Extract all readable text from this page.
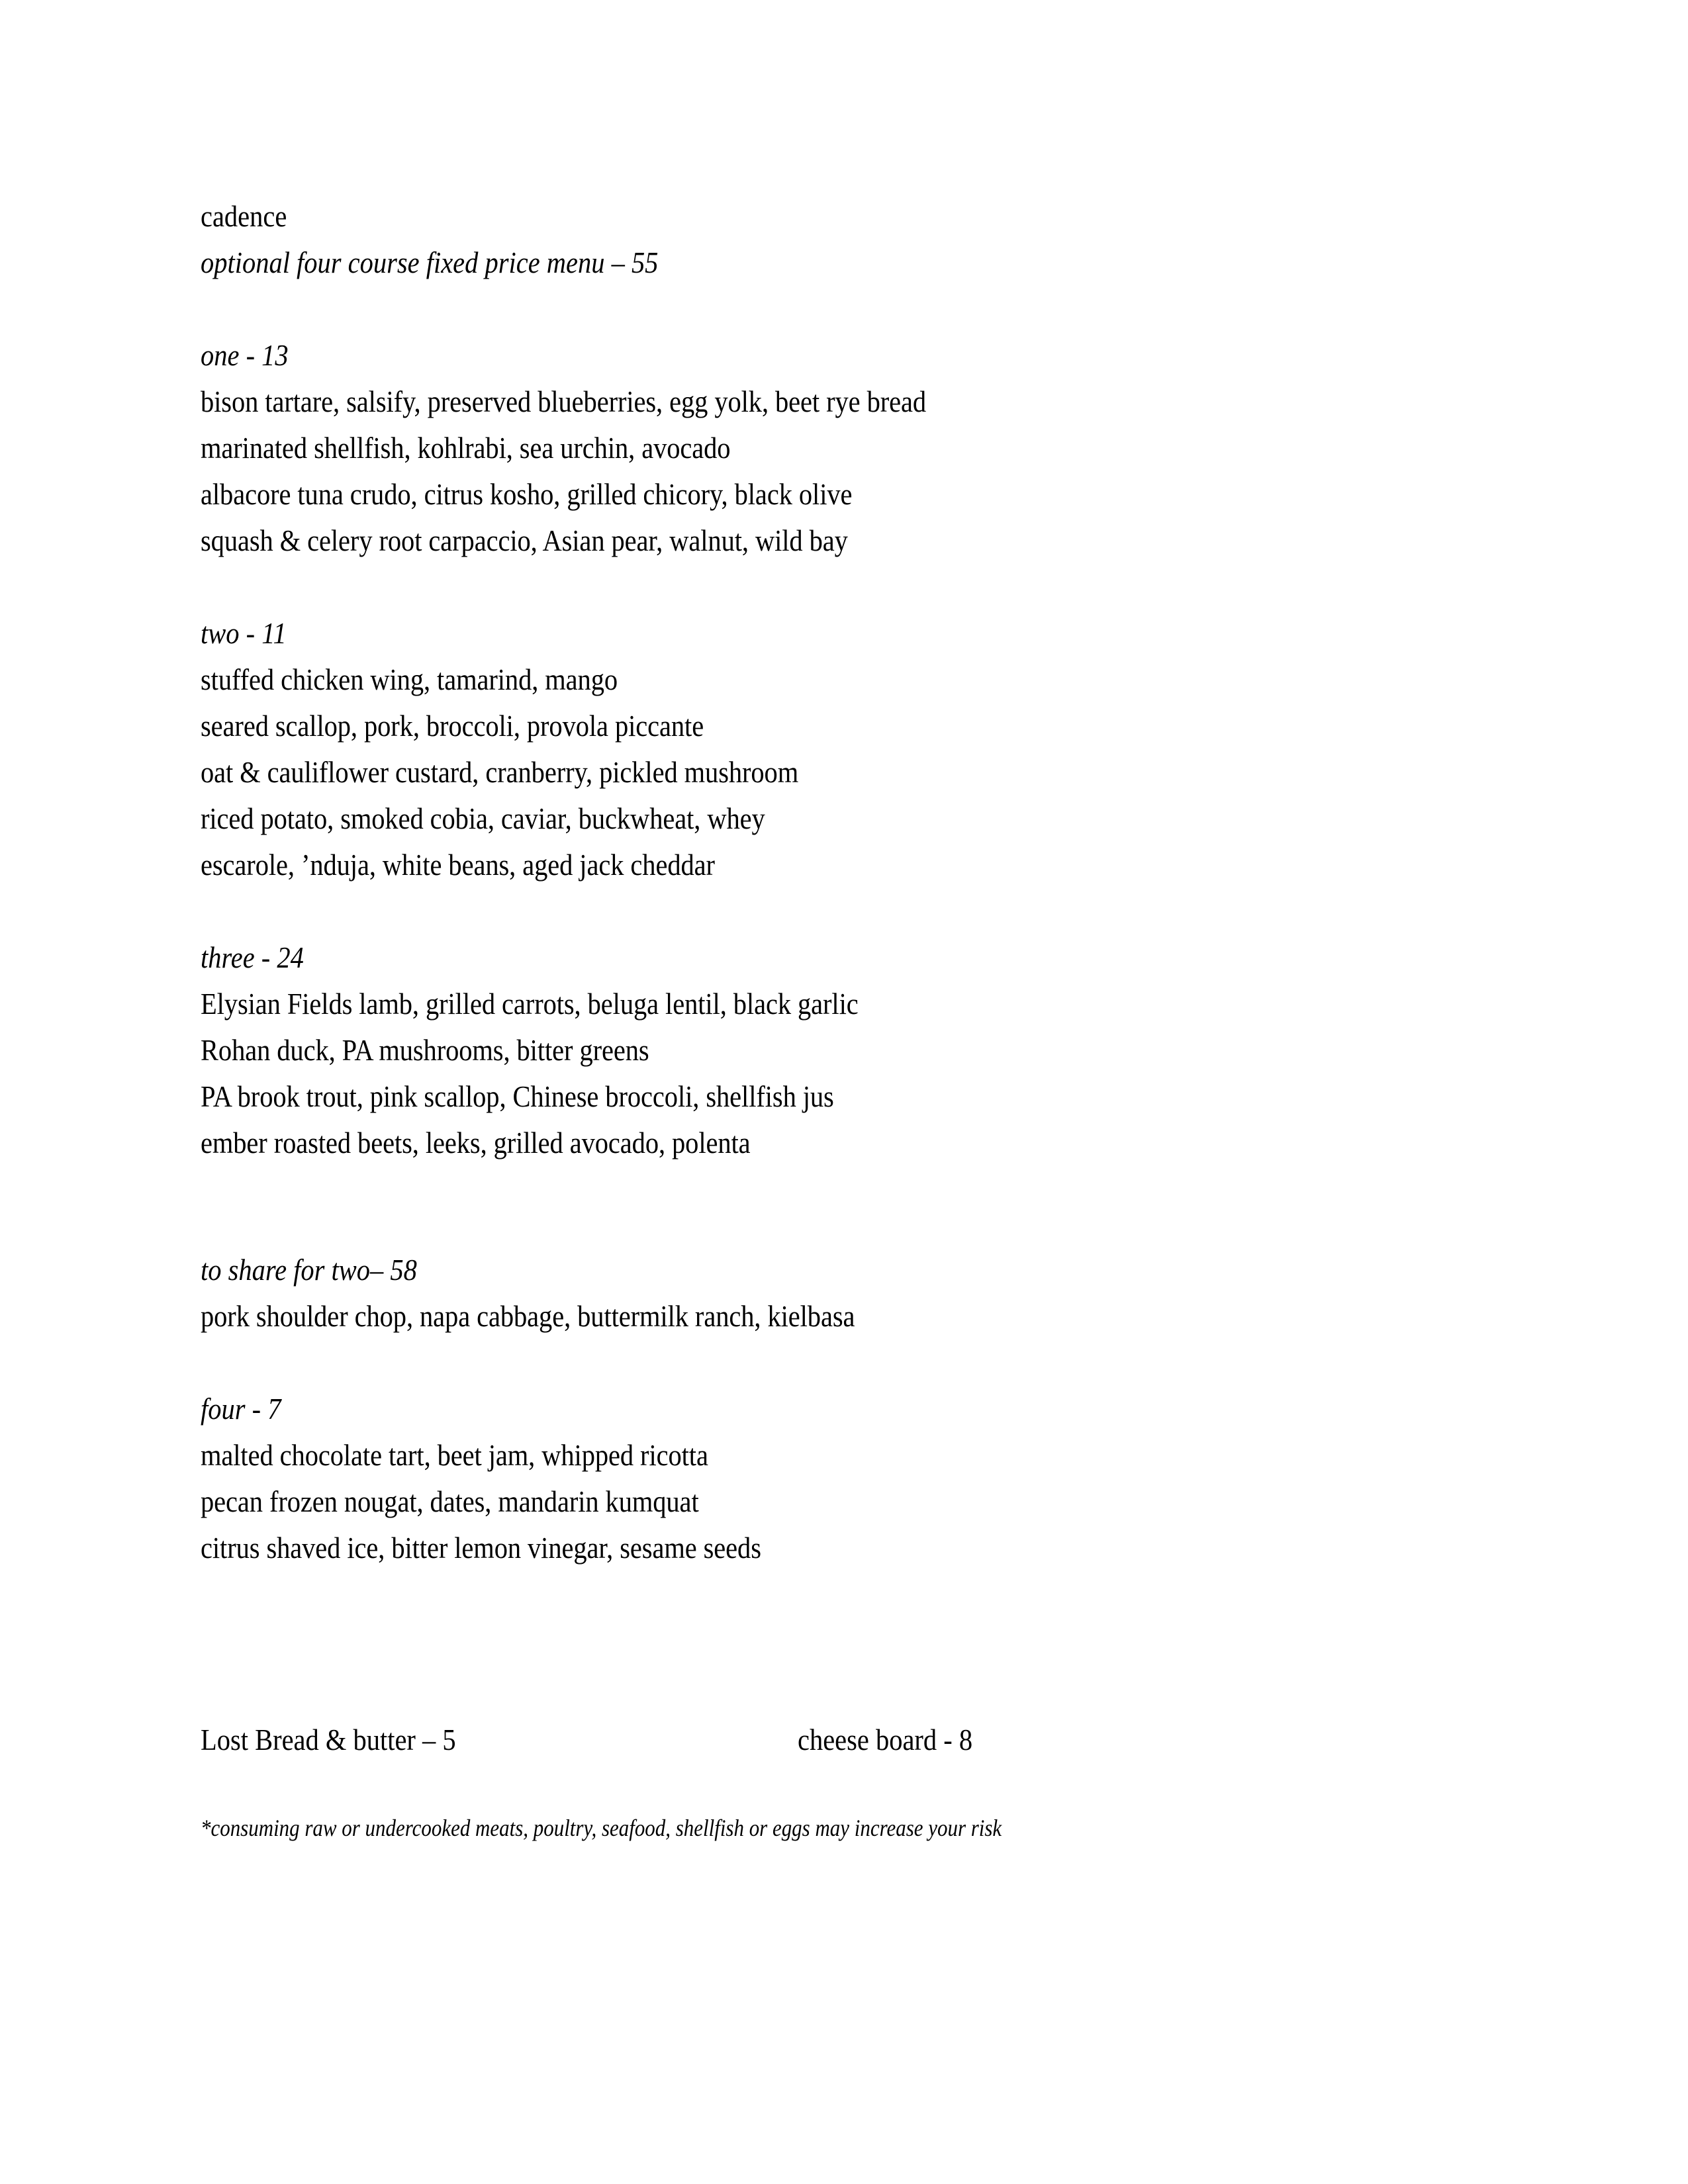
cadence
optional four course fixed price menu – 55
one - 13
bison tartare, salsify, preserved blueberries, egg yolk, beet rye bread
marinated shellfish, kohlrabi, sea urchin, avocado
albacore tuna crudo, citrus kosho, grilled chicory, black olive
squash & celery root carpaccio, Asian pear, walnut, wild bay
two - 11
stuffed chicken wing, tamarind, mango
seared scallop, pork, broccoli, provola piccante
oat & cauliflower custard, cranberry, pickled mushroom
riced potato, smoked cobia, caviar, buckwheat, whey
escarole, ’nduja, white beans, aged jack cheddar
three - 24
Elysian Fields lamb, grilled carrots, beluga lentil, black garlic
Rohan duck, PA mushrooms, bitter greens
PA brook trout, pink scallop, Chinese broccoli, shellfish jus
ember roasted beets, leeks, grilled avocado, polenta
to share for two– 58
pork shoulder chop, napa cabbage, buttermilk ranch, kielbasa
four - 7
malted chocolate tart, beet jam, whipped ricotta
pecan frozen nougat, dates, mandarin kumquat
citrus shaved ice, bitter lemon vinegar, sesame seeds
Lost Bread & butter – 5	cheese board - 8
*consuming raw or undercooked meats, poultry, seafood, shellfish or eggs may increase your risk
